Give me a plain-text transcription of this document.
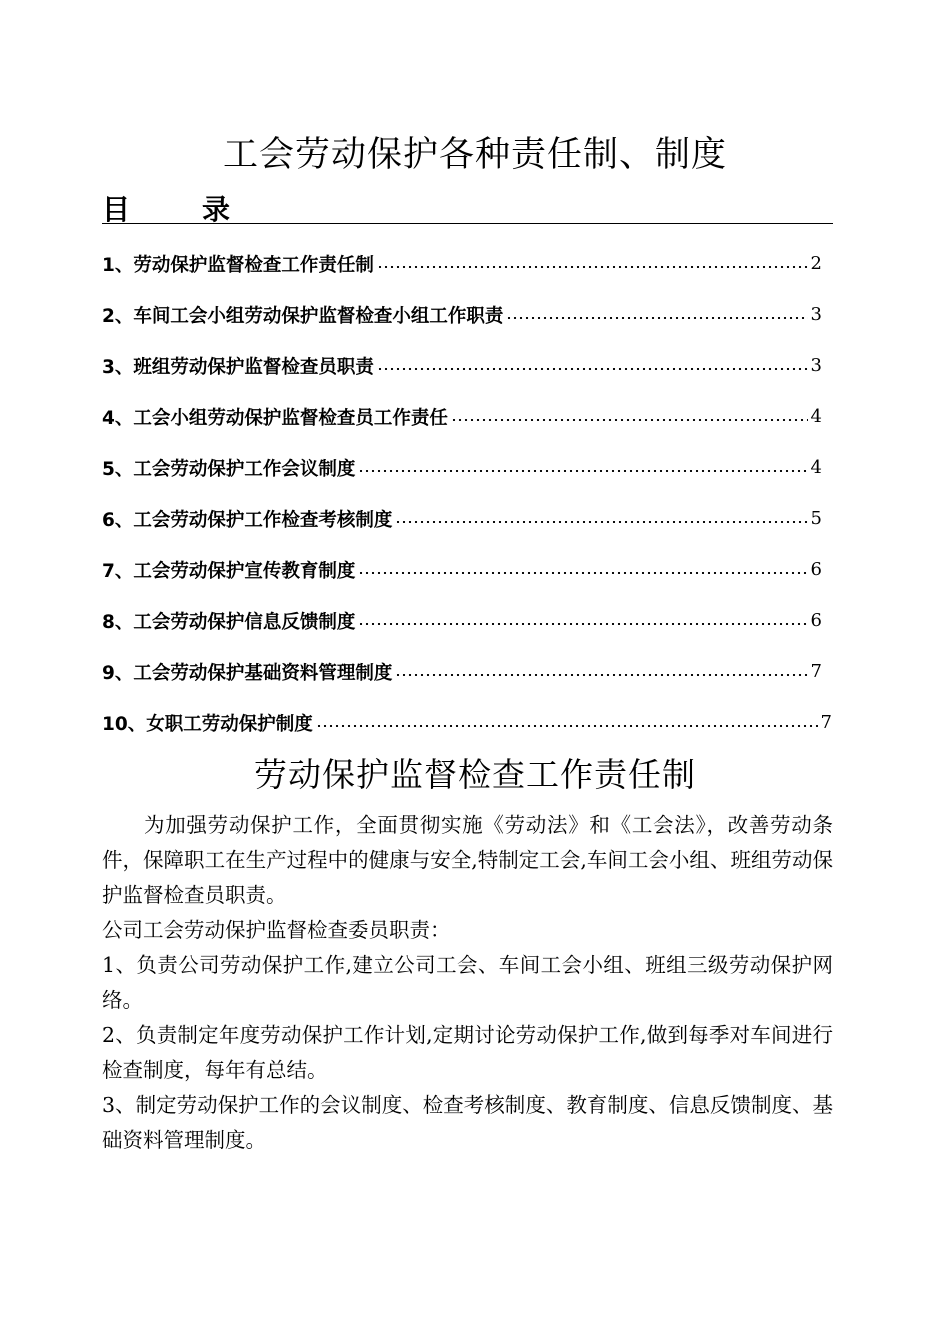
工会劳动保护各种责任制、制度
目	录
1、 劳动保护监督检查工作责任制	2
2、 车间工会小组劳动保护监督检查小组工作职责	3
3、 班组劳动保护监督检查员职责	3
4、 工会小组劳动保护监督检查员工作责任	4
5、 工会劳动保护工作会议制度	4
6、 工会劳动保护工作检查考核制度	5
7、 工会劳动保护宣传教育制度	6
8、 工会劳动保护信息反馈制度	6
9、 工会劳动保护基础资料管理制度	7
10、 女职工劳动保护制度	7
劳动保护监督检查工作责任制

为加强劳动保护工作，全面贯彻实施《劳动法》和《工会法》，改善劳动条件，保障职工在生产过程中的健康与安全,特制定工会,车间工会小组、班组劳动保护监督检查员职责。

公司工会劳动保护监督检查委员职责：

1、负责公司劳动保护工作,建立公司工会、车间工会小组、班组三级劳动保护网络。

2、负责制定年度劳动保护工作计划,定期讨论劳动保护工作,做到每季对车间进行检查制度，每年有总结。

3、制定劳动保护工作的会议制度、检查考核制度、教育制度、信息反馈制度、基础资料管理制度。
